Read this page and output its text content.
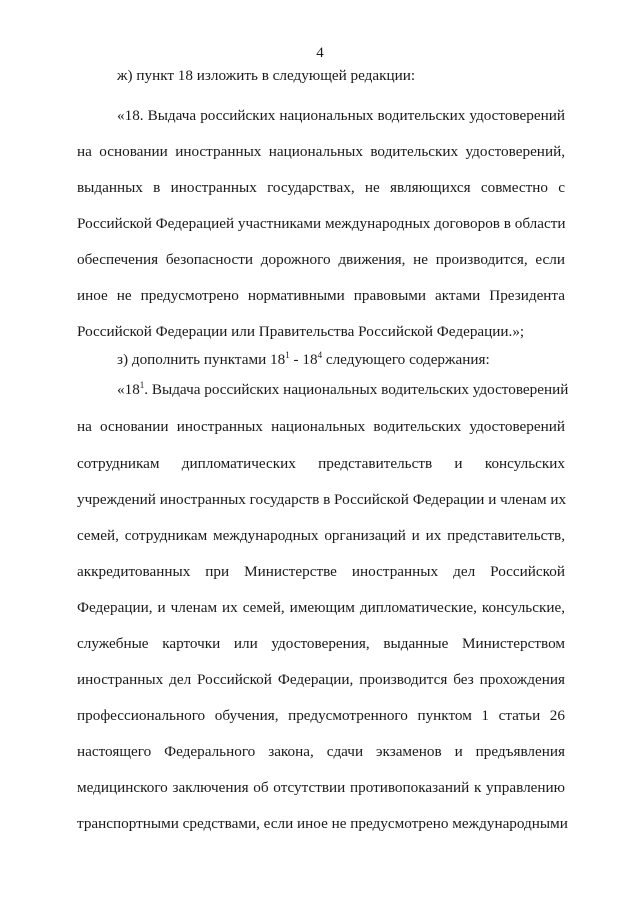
4
ж) пункт 18 изложить в следующей редакции:
«18. Выдача российских национальных водительских удостоверений
на основании иностранных национальных водительских удостоверений,
выданных в иностранных государствах, не являющихся совместно с
Российской Федерацией участниками международных договоров в области
обеспечения безопасности дорожного движения, не производится, если
иное не предусмотрено нормативными правовыми актами Президента
Российской Федерации или Правительства Российской Федерации.»;
з) дополнить пунктами $18^1 - 18^4$ следующего содержания:
«$18^1$. Выдача российских национальных водительских удостоверений
на основании иностранных национальных водительских удостоверений
сотрудникам дипломатических представительств и консульских
учреждений иностранных государств в Российской Федерации и членам их
семей, сотрудникам международных организаций и их представительств,
аккредитованных при Министерстве иностранных дел Российской
Федерации, и членам их семей, имеющим дипломатические, консульские,
служебные карточки или удостоверения, выданные Министерством
иностранных дел Российской Федерации, производится без прохождения
профессионального обучения, предусмотренного пунктом 1 статьи 26
настоящего Федерального закона, сдачи экзаменов и предъявления
медицинского заключения об отсутствии противопоказаний к управлению
транспортными средствами, если иное не предусмотрено международными
